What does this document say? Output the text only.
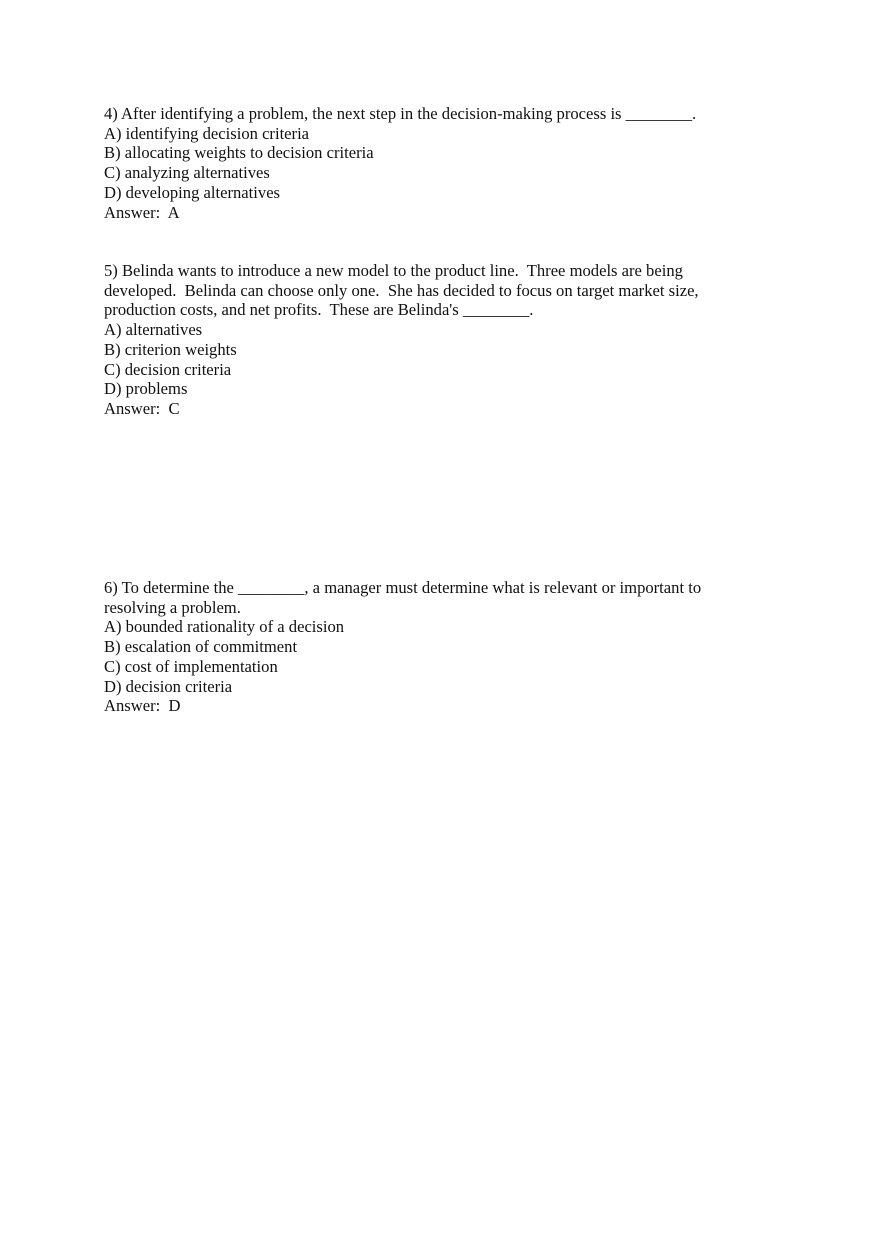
4) After identifying a problem, the next step in the decision-making process is ________.
A) identifying decision criteria
B) allocating weights to decision criteria
C) analyzing alternatives
D) developing alternatives
Answer:  A
5) Belinda wants to introduce a new model to the product line.  Three models are being
developed.  Belinda can choose only one.  She has decided to focus on target market size,
production costs, and net profits.  These are Belinda's ________.
A) alternatives
B) criterion weights
C) decision criteria
D) problems
Answer:  C
6) To determine the ________, a manager must determine what is relevant or important to
resolving a problem.
A) bounded rationality of a decision
B) escalation of commitment
C) cost of implementation
D) decision criteria
Answer:  D
